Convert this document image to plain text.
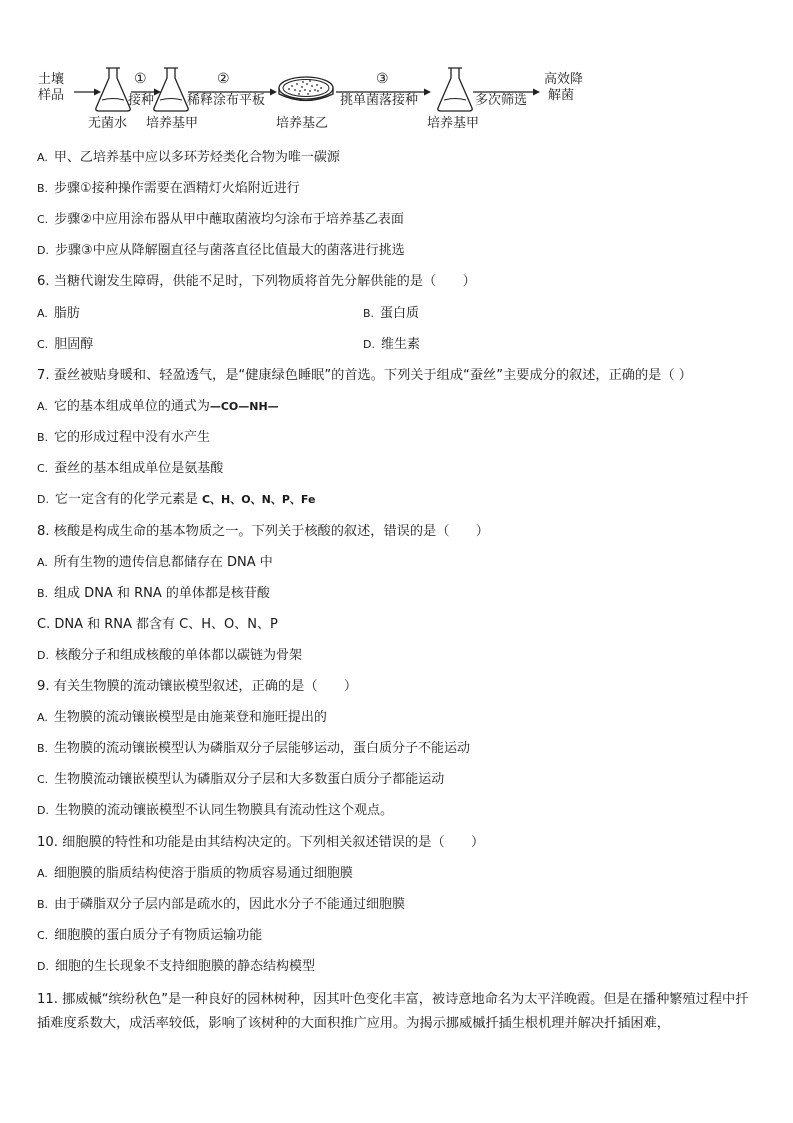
土壤
样品
无菌水
①
接种
培养基甲
②
稀释涂布平板
培养基乙
③
挑单菌落接种
培养基甲
多次筛选
高效降
解菌
A. 甲、乙培养基中应以多环芳烃类化合物为唯一碳源
B. 步骤①接种操作需要在酒精灯火焰附近进行
C. 步骤②中应用涂布器从甲中蘸取菌液均匀涂布于培养基乙表面
D. 步骤③中应从降解圈直径与菌落直径比值最大的菌落进行挑选
6. 当糖代谢发生障碍，供能不足时，下列物质将首先分解供能的是（　　）
A. 脂肪	B. 蛋白质
C. 胆固醇	D. 维生素
7. 蚕丝被贴身暖和、轻盈透气，是“健康绿色睡眠”的首选。下列关于组成“蚕丝”主要成分的叙述，正确的是（ ）
A. 它的基本组成单位的通式为—CO—NH—
B. 它的形成过程中没有水产生
C. 蚕丝的基本组成单位是氨基酸
D. 它一定含有的化学元素是 C、H、O、N、P、Fe
8. 核酸是构成生命的基本物质之一。下列关于核酸的叙述，错误的是（　　）
A. 所有生物的遗传信息都储存在 DNA 中
B. 组成 DNA 和 RNA 的单体都是核苷酸
C. DNA 和 RNA 都含有 C、H、O、N、P
D. 核酸分子和组成核酸的单体都以碳链为骨架
9. 有关生物膜的流动镶嵌模型叙述，正确的是（　　）
A. 生物膜的流动镶嵌模型是由施莱登和施旺提出的
B. 生物膜的流动镶嵌模型认为磷脂双分子层能够运动，蛋白质分子不能运动
C. 生物膜流动镶嵌模型认为磷脂双分子层和大多数蛋白质分子都能运动
D. 生物膜的流动镶嵌模型不认同生物膜具有流动性这个观点。
10. 细胞膜的特性和功能是由其结构决定的。下列相关叙述错误的是（　　）
A. 细胞膜的脂质结构使溶于脂质的物质容易通过细胞膜
B. 由于磷脂双分子层内部是疏水的，因此水分子不能通过细胞膜
C. 细胞膜的蛋白质分子有物质运输功能
D. 细胞的生长现象不支持细胞膜的静态结构模型
11. 挪威槭“缤纷秋色”是一种良好的园林树种，因其叶色变化丰富，被诗意地命名为太平洋晚霞。但是在播种繁殖过程中扦插难度系数大，成活率较低，影响了该树种的大面积推广应用。为揭示挪威槭扦插生根机理并解决扦插困难，
